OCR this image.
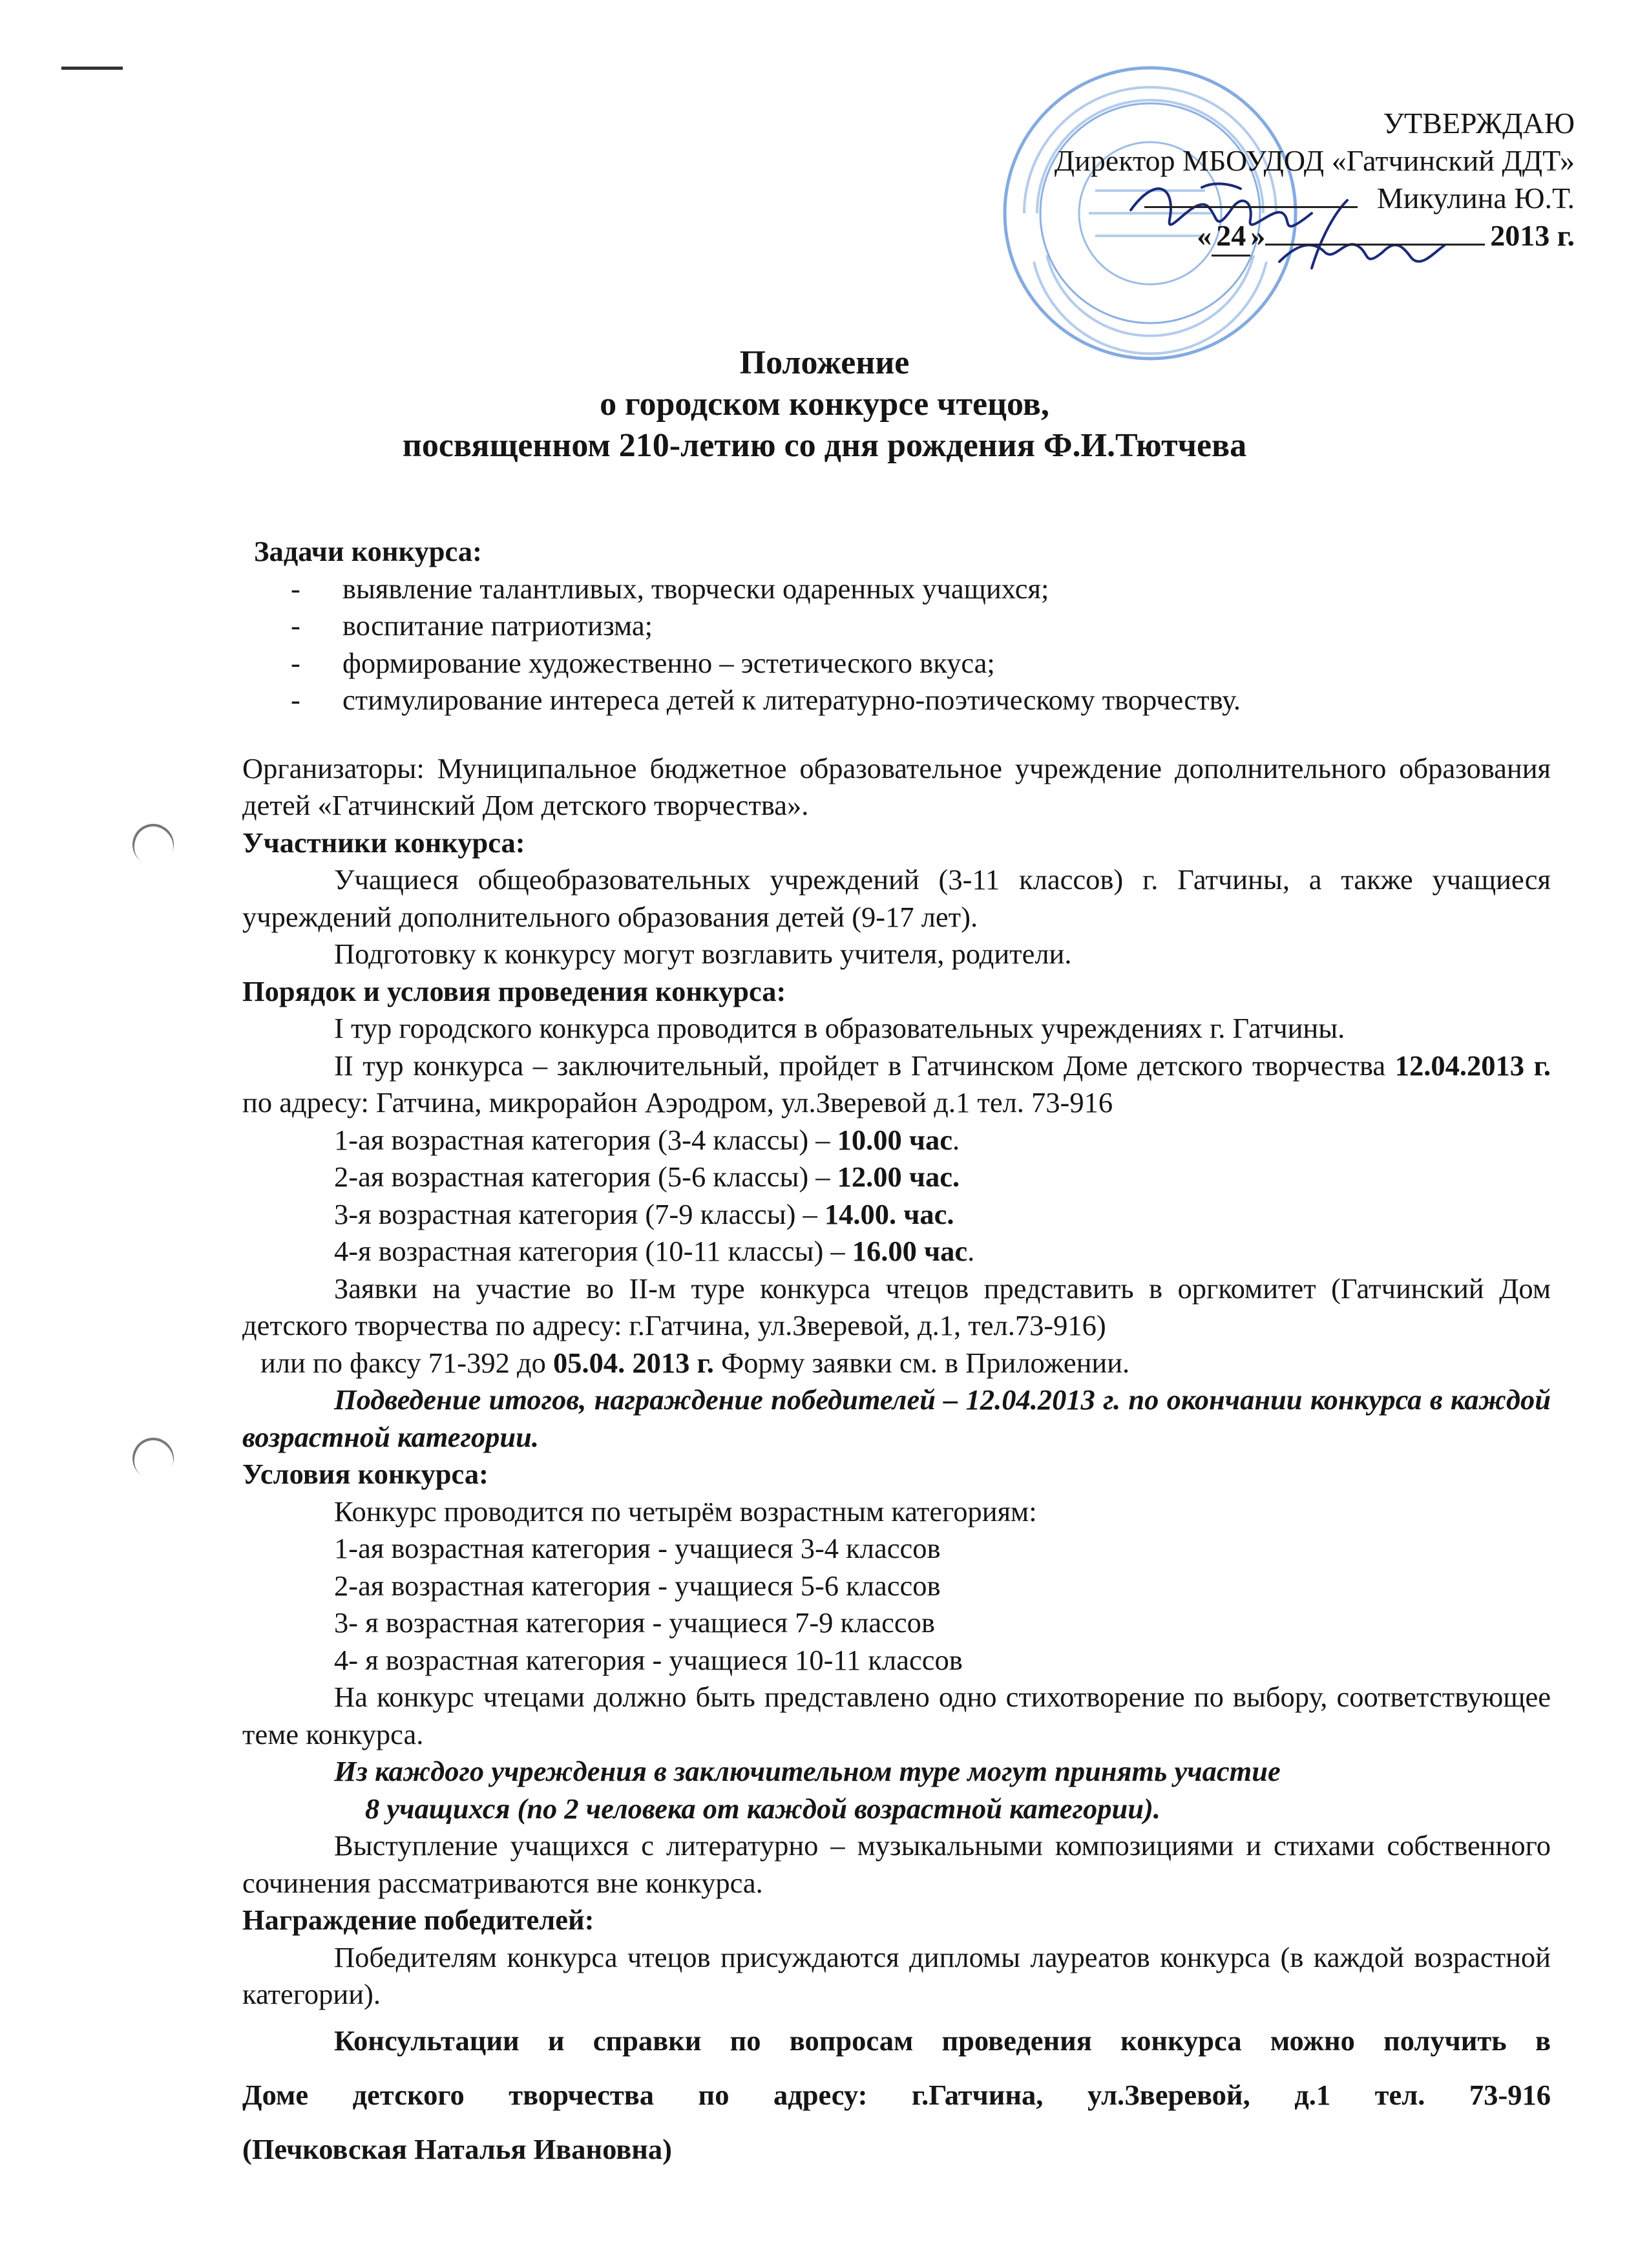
УТВЕРЖДАЮ
Директор МБОУДОД «Гатчинский ДДТ»
Микулина Ю.Т.
« 24 »	2013 г.
Положение
о городском конкурсе чтецов,
посвященном 210-летию со дня рождения Ф.И.Тютчева

Задачи конкурса:

- выявление талантливых, творчески одаренных учащихся;

- воспитание патриотизма;

- формирование художественно – эстетического вкуса;

- стимулирование интереса детей к литературно-поэтическому творчеству.

Организаторы: Муниципальное бюджетное образовательное учреждение дополнительного образования детей «Гатчинский Дом детского творчества».

Участники конкурса:

Учащиеся общеобразовательных учреждений (3-11 классов) г. Гатчины, а также учащиеся учреждений дополнительного образования детей (9-17 лет).

Подготовку к конкурсу могут возглавить учителя, родители.

Порядок и условия проведения конкурса:

I тур городского конкурса проводится в образовательных учреждениях г. Гатчины.

II тур конкурса – заключительный, пройдет в Гатчинском Доме детского творчества 12.04.2013 г. по адресу: Гатчина, микрорайон Аэродром, ул.Зверевой д.1 тел. 73-916

1-ая возрастная категория (3-4 классы) – 10.00 час.

2-ая возрастная категория (5-6 классы) – 12.00 час.

3-я возрастная категория (7-9 классы) – 14.00. час.

4-я возрастная категория (10-11 классы) – 16.00 час.

Заявки на участие во II-м туре конкурса чтецов представить в оргкомитет (Гатчинский Дом детского творчества по адресу: г.Гатчина, ул.Зверевой, д.1, тел.73-916)

или по факсу 71-392 до 05.04. 2013 г. Форму заявки см. в Приложении.

Подведение итогов, награждение победителей – 12.04.2013 г. по окончании конкурса в каждой возрастной категории.

Условия конкурса:

Конкурс проводится по четырём возрастным категориям:

1-ая возрастная категория - учащиеся 3-4 классов

2-ая возрастная категория - учащиеся 5-6 классов

3- я возрастная категория - учащиеся 7-9 классов

4- я возрастная категория - учащиеся 10-11 классов

На конкурс чтецами должно быть представлено одно стихотворение по выбору, соответствующее теме конкурса.

Из каждого учреждения в заключительном туре могут принять участие

8 учащихся (по 2 человека от каждой возрастной категории).

Выступление учащихся с литературно – музыкальными композициями и стихами собственного сочинения рассматриваются вне конкурса.

Награждение победителей:

Победителям конкурса чтецов присуждаются дипломы лауреатов конкурса (в каждой возрастной категории).

Консультации и справки по вопросам проведения конкурса можно получить в

Доме детского творчества по адресу: г.Гатчина, ул.Зверевой, д.1 тел. 73-916

(Печковская Наталья Ивановна)
